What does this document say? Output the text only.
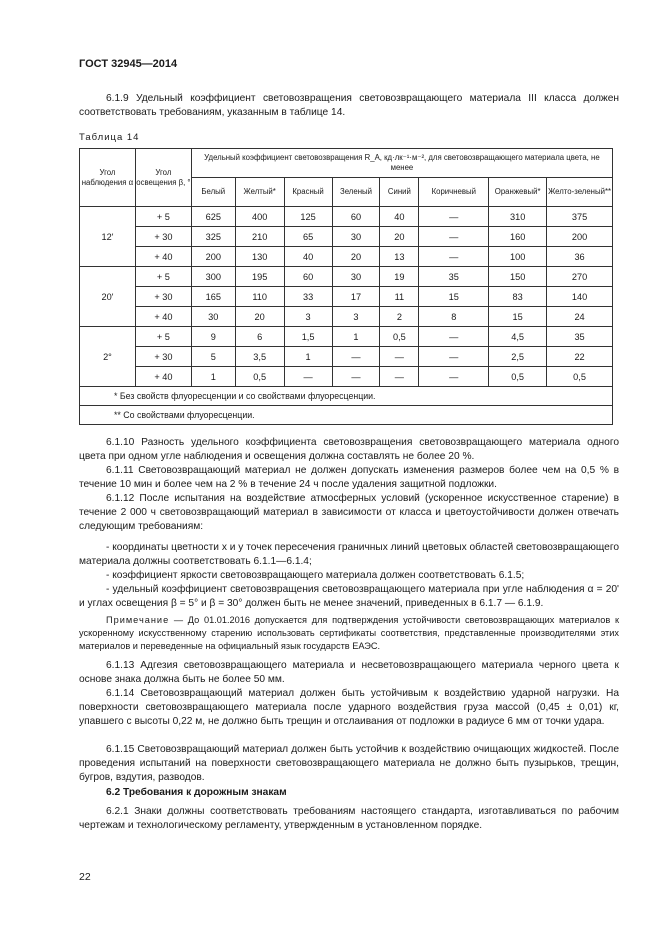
ГОСТ 32945—2014
6.1.9 Удельный коэффициент световозвращения световозвращающего материала III класса должен соответствовать требованиям, указанным в таблице 14.
Таблица 14
Угол наблюдения α	Угол освещения β, °	Удельный коэффициент световозвращения R_A, кд·лк⁻¹·м⁻², для световозвращающего материала цвета, не менее							
		Белый	Желтый*	Красный	Зеленый	Синий	Коричневый	Оранжевый*	Желто-зеленый**
12'	+ 5	625	400	125	60	40	—	310	375
	+ 30	325	210	65	30	20	—	160	200
	+ 40	200	130	40	20	13	—	100	36
20'	+ 5	300	195	60	30	19	35	150	270
	+ 30	165	110	33	17	11	15	83	140
	+ 40	30	20	3	3	2	8	15	24
2°	+ 5	9	6	1,5	1	0,5	—	4,5	35
	+ 30	5	3,5	1	—	—	—	2,5	22
	+ 40	1	0,5	—	—	—	—	0,5	0,5
* Без свойств флуоресценции и со свойствами флуоресценции.									
** Со свойствами флуоресценции.									
6.1.10 Разность удельного коэффициента световозвращения световозвращающего материала одного цвета при одном угле наблюдения и освещения должна составлять не более 20 %.
6.1.11 Световозвращающий материал не должен допускать изменения размеров более чем на 0,5 % в течение 10 мин и более чем на 2 % в течение 24 ч после удаления защитной подложки.
6.1.12 После испытания на воздействие атмосферных условий (ускоренное искусственное старение) в течение 2 000 ч световозвращающий материал в зависимости от класса и цветоустойчивости должен отвечать следующим требованиям:
- координаты цветности x и y точек пересечения граничных линий цветовых областей световозвращающего материала должны соответствовать 6.1.1—6.1.4;
- коэффициент яркости световозвращающего материала должен соответствовать 6.1.5;
- удельный коэффициент световозвращения световозвращающего материала при угле наблюдения α = 20' и углах освещения β = 5° и β = 30° должен быть не менее значений, приведенных в 6.1.7 — 6.1.9.
Примечание — До 01.01.2016 допускается для подтверждения устойчивости световозвращающих материалов к ускоренному искусственному старению использовать сертификаты соответствия, представленные производителями этих материалов и переведенные на официальный язык государств ЕАЭС.
6.1.13 Адгезия световозвращающего материала и несветовозвращающего материала черного цвета к основе знака должна быть не более 50 мм.
6.1.14 Световозвращающий материал должен быть устойчивым к воздействию ударной нагрузки. На поверхности световозвращающего материала после ударного воздействия груза массой (0,45 ± 0,01) кг, упавшего с высоты 0,22 м, не должно быть трещин и отслаивания от подложки в радиусе 6 мм от точки удара.
6.1.15 Световозвращающий материал должен быть устойчив к воздействию очищающих жидкостей. После проведения испытаний на поверхности световозвращающего материала не должно быть пузырьков, трещин, бугров, вздутия, разводов.
6.2 Требования к дорожным знакам
6.2.1 Знаки должны соответствовать требованиям настоящего стандарта, изготавливаться по рабочим чертежам и технологическому регламенту, утвержденным в установленном порядке.
22
